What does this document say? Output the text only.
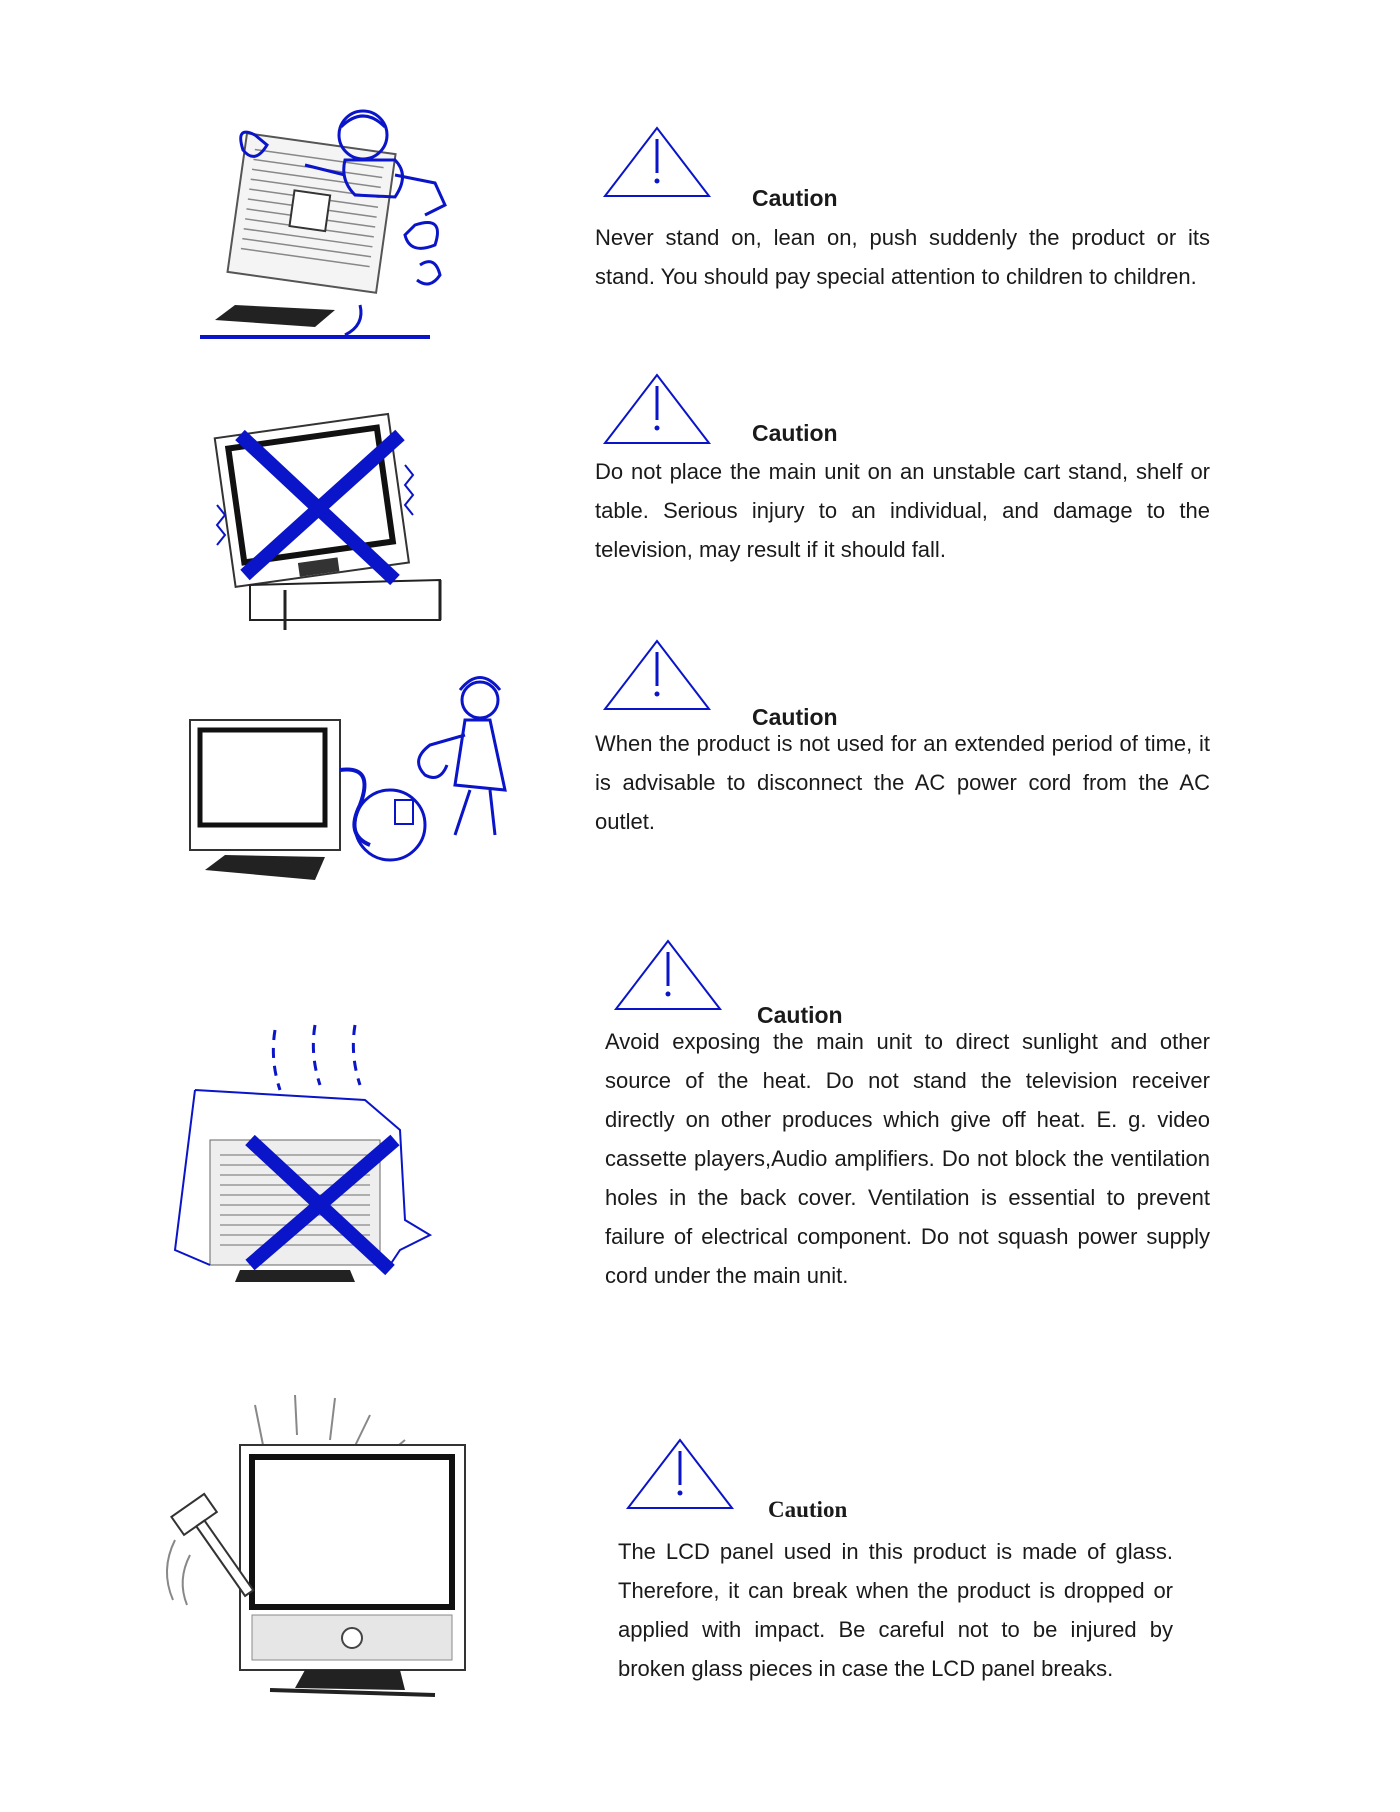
Caution

Never stand on, lean on, push suddenly the product or its stand. You should pay special attention to children to children.

Caution

Do not place the main unit on an unstable cart stand, shelf or table. Serious injury to an individual, and damage to the television, may result if it should fall.

Caution

When the product is not used for an extended period of time, it is advisable to disconnect the AC power cord from the AC outlet.

Caution

Avoid exposing the main unit to direct sunlight and other source of the heat. Do not stand the television receiver directly on other produces which give off heat. E. g. video cassette players,Audio amplifiers. Do not block the ventilation holes in the back cover. Ventilation is essential to prevent failure of electrical component. Do not squash power supply cord under the main unit.

Caution

The LCD panel used in this product is made of glass. Therefore, it can break when the product is dropped or applied with impact. Be careful not to be injured by broken glass pieces in case the LCD panel breaks.
